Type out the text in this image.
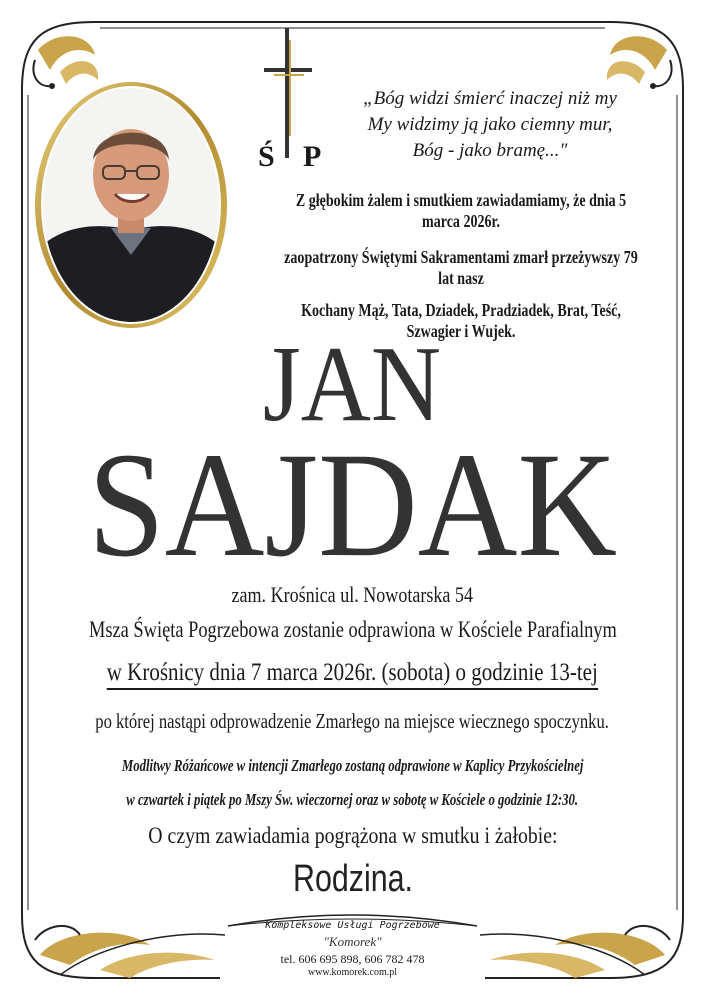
Ś P
„Bóg widzi śmierć inaczej niż my
My widzimy ją jako ciemny mur,
Bóg - jako bramę..."
Z głębokim żalem i smutkiem zawiadamiamy, że dnia 5 marca 2026r.
zaopatrzony Świętymi Sakramentami zmarł przeżywszy 79 lat nasz
Kochany Mąż, Tata, Dziadek, Pradziadek, Brat, Teść, Szwagier i Wujek.
JAN
SAJDAK
zam. Krośnica ul. Nowotarska 54
Msza Święta Pogrzebowa zostanie odprawiona w Kościele Parafialnym
w Krośnicy dnia 7 marca 2026r. (sobota) o godzinie 13-tej
po której nastąpi odprowadzenie Zmarłego na miejsce wiecznego spoczynku.
Modlitwy Różańcowe w intencji Zmarłego zostaną odprawione w Kaplicy Przykościelnej
w czwartek i piątek po Mszy Św. wieczornej oraz w sobotę w Kościele o godzinie 12:30.
O czym zawiadamia pogrążona w smutku i żałobie:
Rodzina.
Kompleksowe Usługi Pogrzebowe
"Komorek"
tel. 606 695 898, 606 782 478
www.komorek.com.pl
